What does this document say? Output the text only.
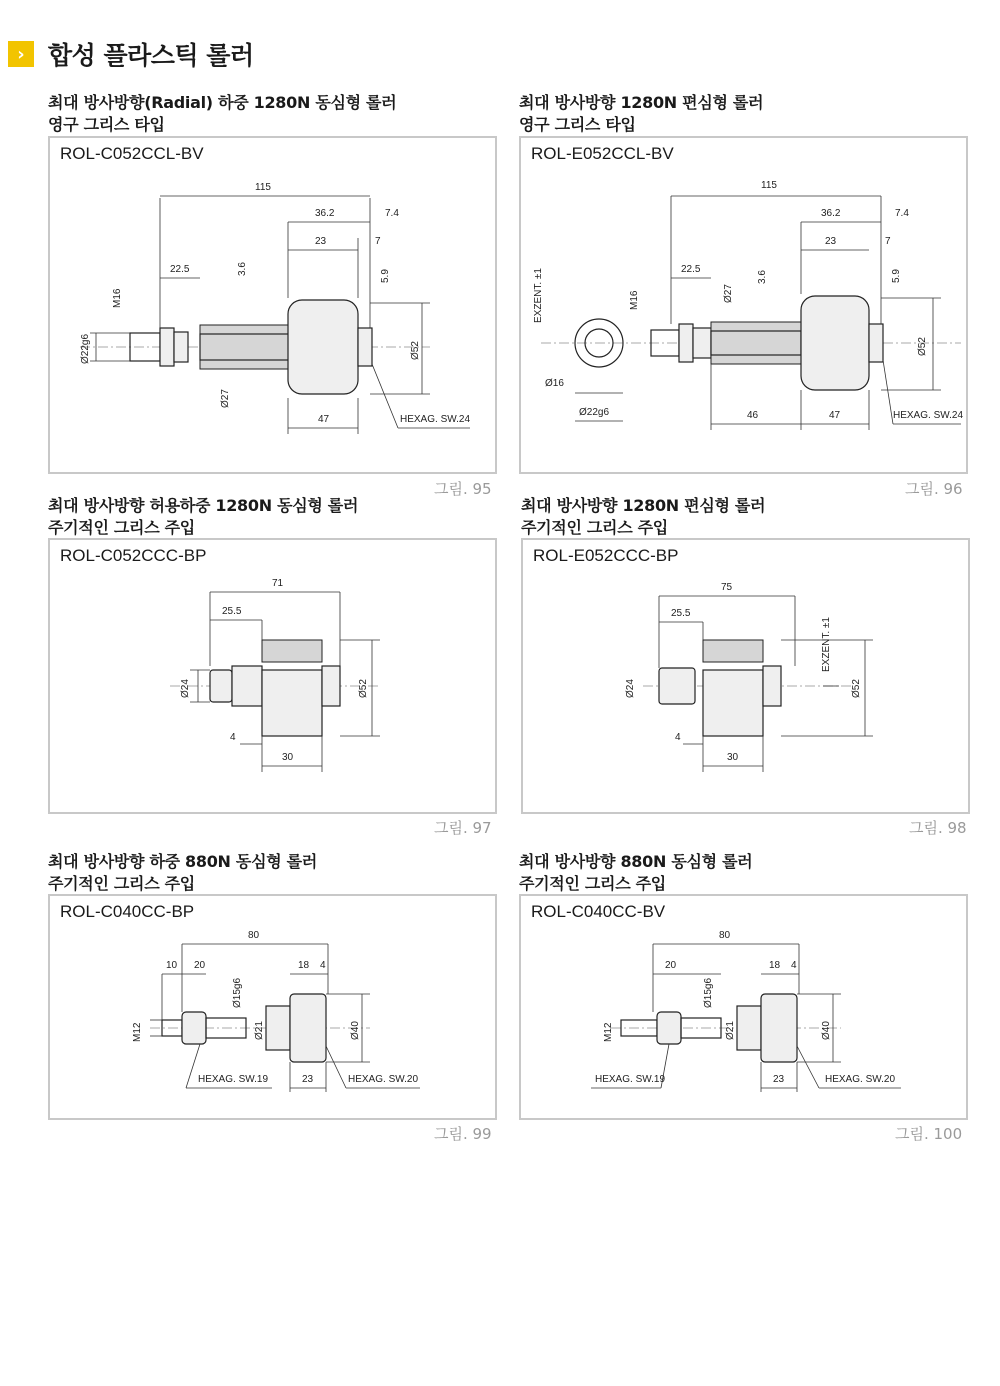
› 합성 플라스틱 롤러
최대 방사방향(Radial) 하중 1280N 동심형 롤러
영구 그리스 타입
ROL-C052CCL-BV
115
36.2	7.4
23	7
22.5	3.6
5.9
M16
Ø22g6	Ø52
Ø27
47	HEXAG. SW.24
그림. 95
최대 방사방향 1280N 편심형 롤러
영구 그리스 타입
ROL-E052CCL-BV
115
36.2	7.4
23	7
22.5
3.6
Ø27
5.9
M16
EXZENT. ±1
Ø52
Ø16
Ø22g6	46	47	HEXAG. SW.24
그림. 96
최대 방사방향 허용하중 1280N 동심형 롤러
주기적인 그리스 주입
ROL-C052CCC-BP
71
25.5
Ø24	Ø52
4
30
그림. 97
최대 방사방향 1280N 편심형 롤러
주기적인 그리스 주입
ROL-E052CCC-BP
75
25.5
Ø24
EXZENT. ±1
Ø52
4
30
그림. 98
최대 방사방향 하중 880N 동심형 롤러
주기적인 그리스 주입
ROL-C040CC-BP
80
10 20	18 4
M12
Ø15g6
Ø21	Ø40
HEXAG. SW.19	23	HEXAG. SW.20
그림. 99
최대 방사방향 880N 동심형 롤러
주기적인 그리스 주입
ROL-C040CC-BV
80
20	18 4
M12
Ø15g6
Ø21	Ø40
HEXAG. SW.19	23	HEXAG. SW.20
그림. 100
